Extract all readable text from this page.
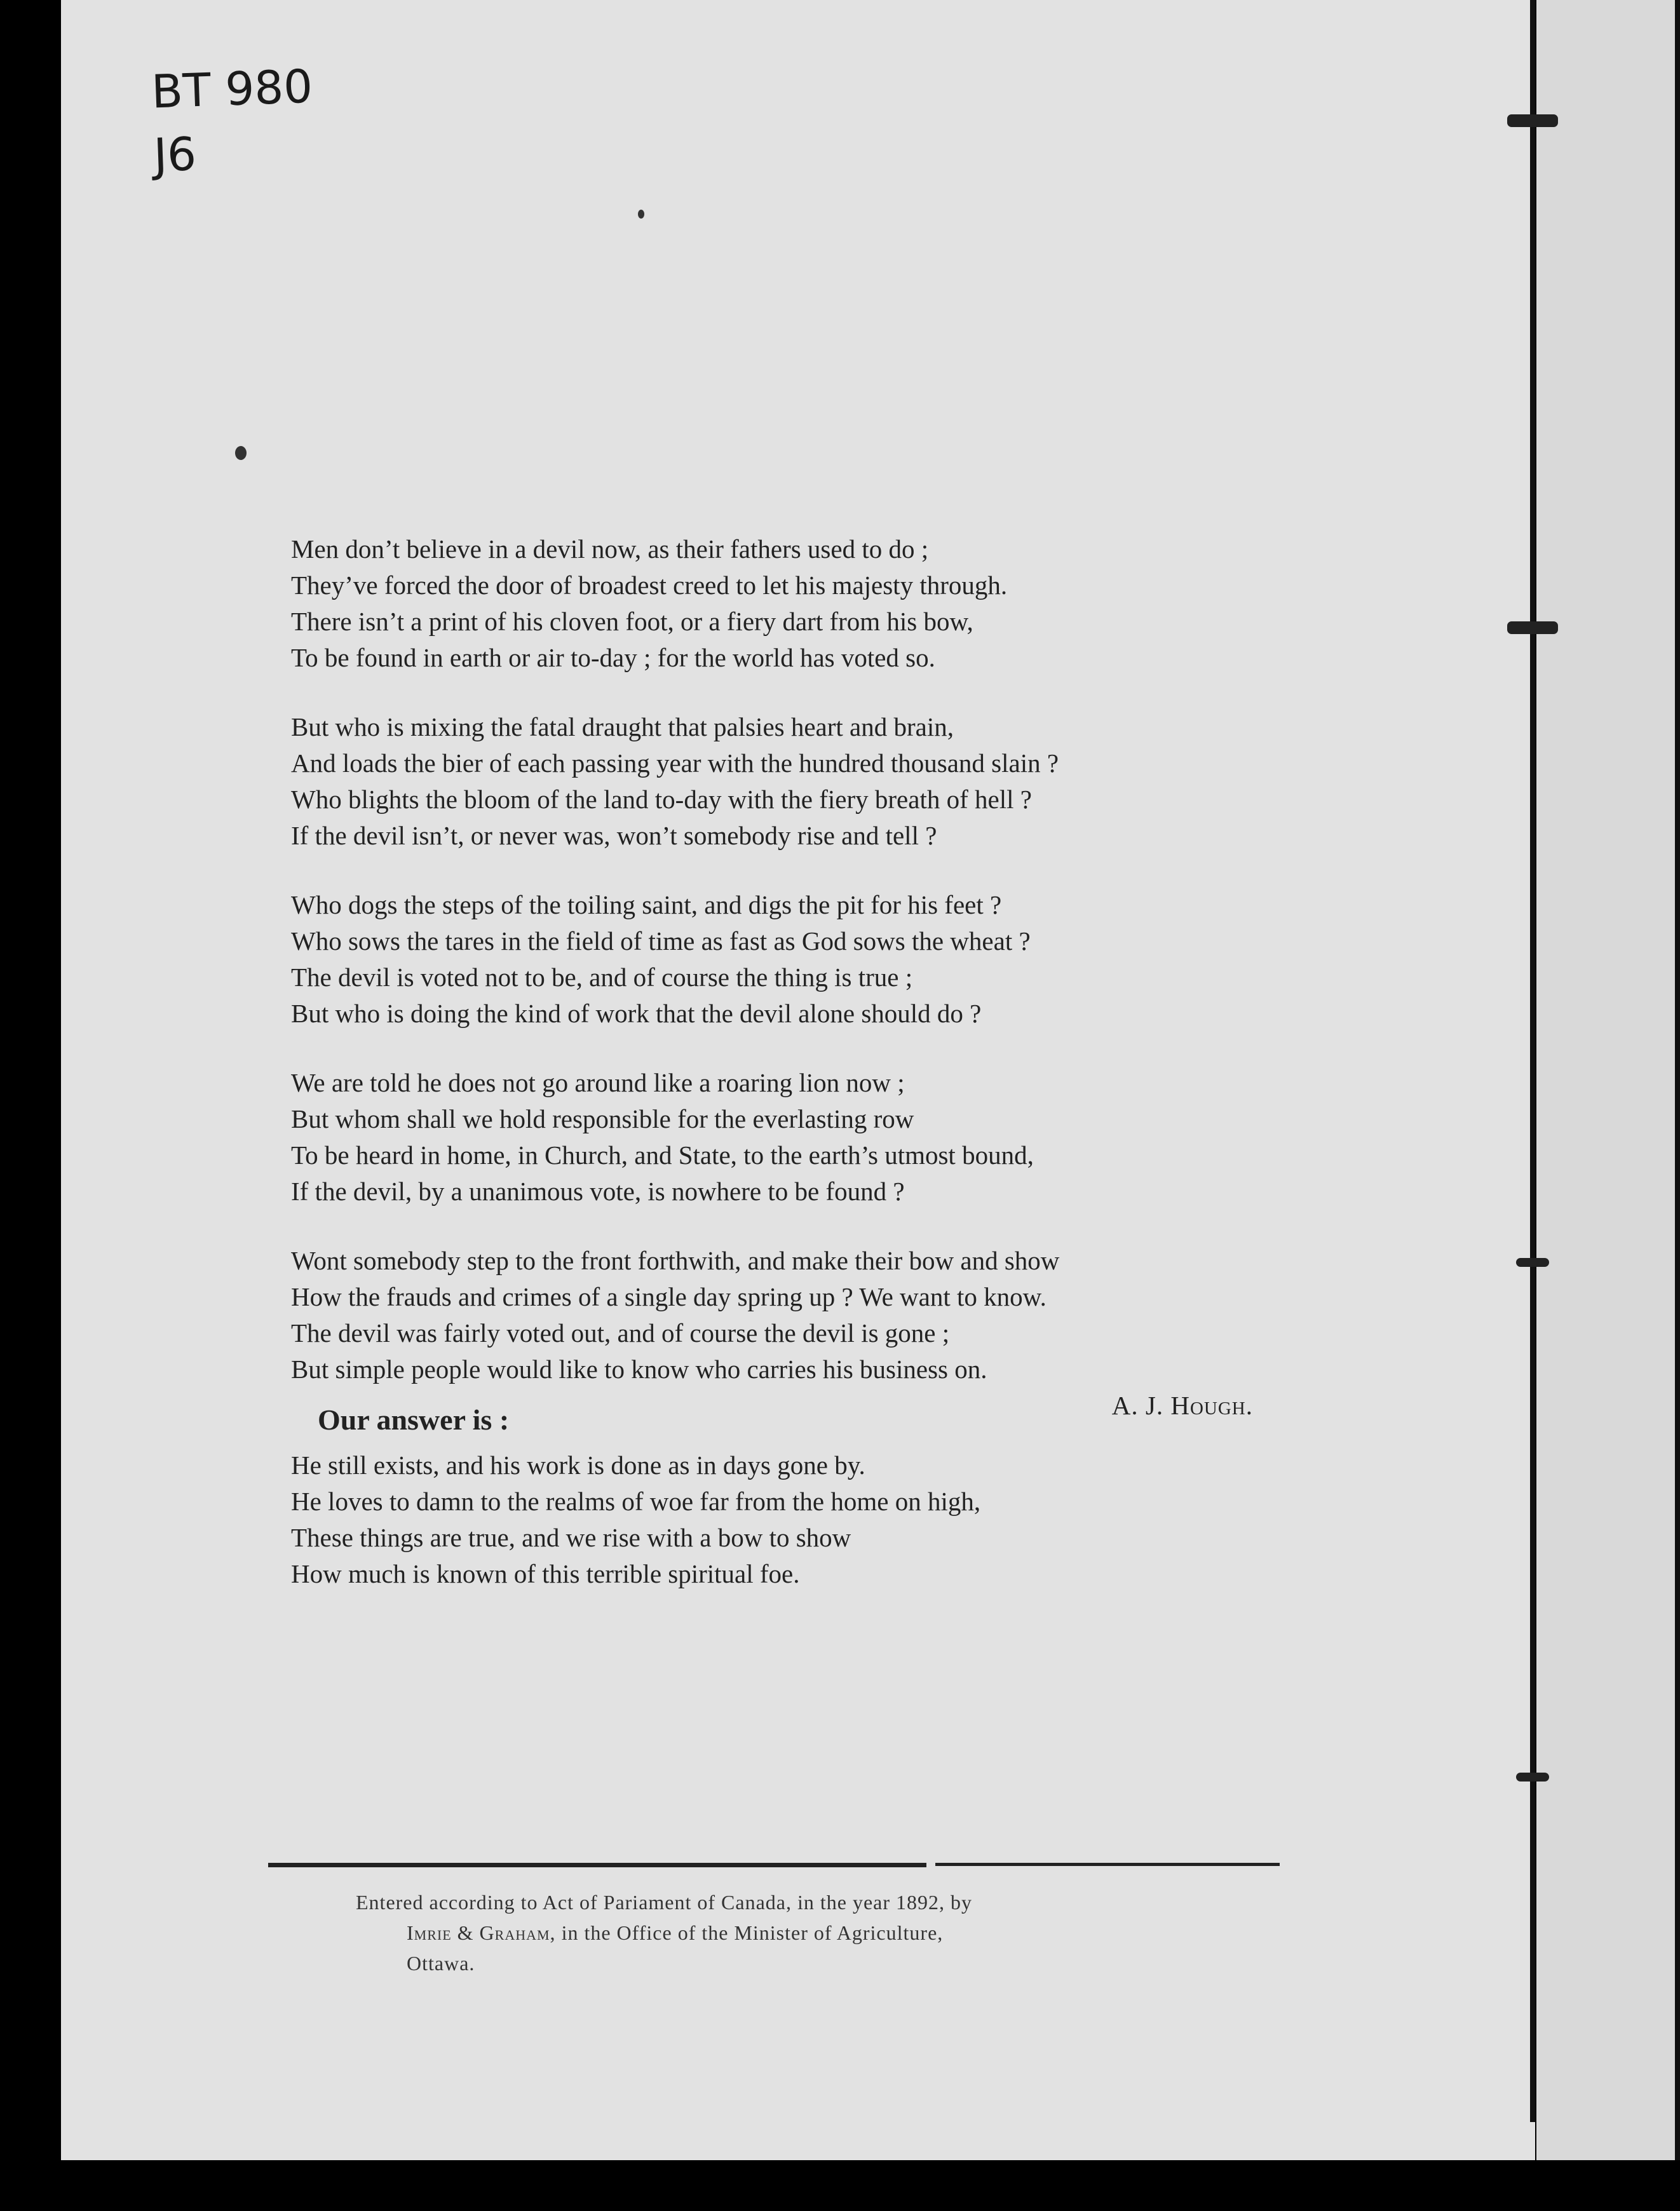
BT 980
J6
Men don’t believe in a devil now, as their fathers used to do ;
They’ve forced the door of broadest creed to let his majesty through.
There isn’t a print of his cloven foot, or a fiery dart from his bow,
To be found in earth or air to-day ; for the world has voted so.
But who is mixing the fatal draught that palsies heart and brain,
And loads the bier of each passing year with the hundred thousand slain ?
Who blights the bloom of the land to-day with the fiery breath of hell ?
If the devil isn’t, or never was, won’t somebody rise and tell ?
Who dogs the steps of the toiling saint, and digs the pit for his feet ?
Who sows the tares in the field of time as fast as God sows the wheat ?
The devil is voted not to be, and of course the thing is true ;
But who is doing the kind of work that the devil alone should do ?
We are told he does not go around like a roaring lion now ;
But whom shall we hold responsible for the everlasting row
To be heard in home, in Church, and State, to the earth’s utmost bound,
If the devil, by a unanimous vote, is nowhere to be found ?
Wont somebody step to the front forthwith, and make their bow and show
How the frauds and crimes of a single day spring up ? We want to know.
The devil was fairly voted out, and of course the devil is gone ;
But simple people would like to know who carries his business on.
A. J. Hough.
Our answer is :
He still exists, and his work is done as in days gone by.
He loves to damn to the realms of woe far from the home on high,
These things are true, and we rise with a bow to show
How much is known of this terrible spiritual foe.
Entered according to Act of Pariament of Canada, in the year 1892, by
Imrie & Graham, in the Office of the Minister of Agriculture,
Ottawa.
